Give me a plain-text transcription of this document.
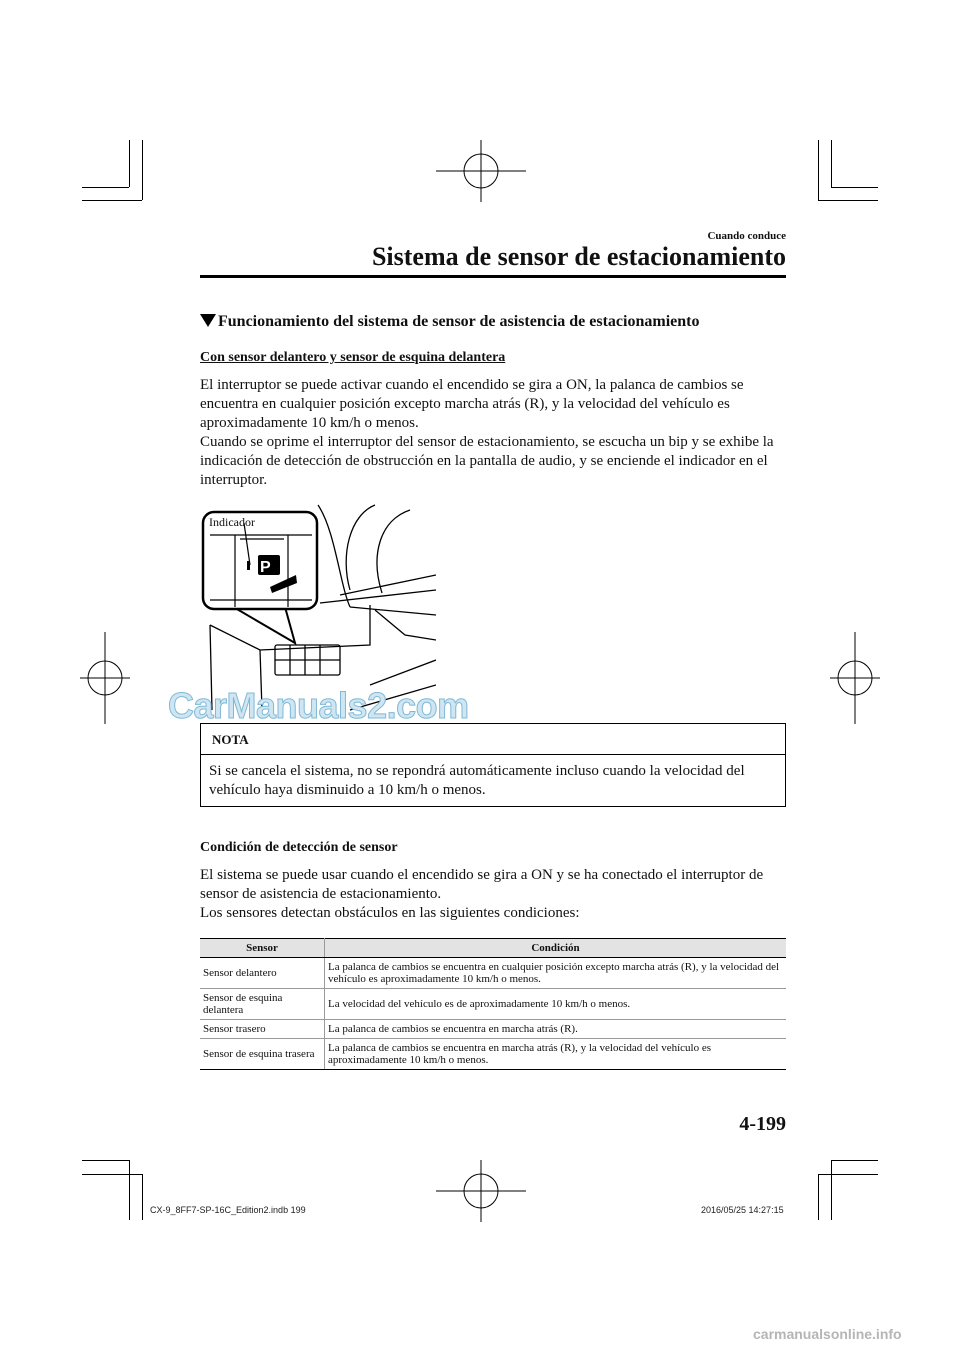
Cuando conduce
Sistema de sensor de estacionamiento
Funcionamiento del sistema de sensor de asistencia de estacionamiento
Con sensor delantero y sensor de esquina delantera

El interruptor se puede activar cuando el encendido se gira a ON, la palanca de cambios se encuentra en cualquier posición excepto marcha atrás (R), y la velocidad del vehículo es aproximadamente 10 km/h o menos.

Cuando se oprime el interruptor del sensor de estacionamiento, se escucha un bip y se exhibe la indicación de detección de obstrucción en la pantalla de audio, y se enciende el indicador en el interruptor.

P
Indicador
CarManuals2.com
NOTA
Si se cancela el sistema, no se repondrá automáticamente incluso cuando la velocidad del vehículo haya disminuido a 10 km/h o menos.
Condición de detección de sensor

El sistema se puede usar cuando el encendido se gira a ON y se ha conectado el interruptor de sensor de asistencia de estacionamiento.

Los sensores detectan obstáculos en las siguientes condiciones:

Sensor	Condición
Sensor delantero	La palanca de cambios se encuentra en cualquier posición excepto marcha atrás (R), y la velocidad del vehículo es aproximadamente 10 km/h o menos.
Sensor de esquina delantera	La velocidad del vehículo es de aproximadamente 10 km/h o menos.
Sensor trasero	La palanca de cambios se encuentra en marcha atrás (R).
Sensor de esquina trasera	La palanca de cambios se encuentra en marcha atrás (R), y la velocidad del vehículo es aproximadamente 10 km/h o menos.
4-199
CX-9_8FF7-SP-16C_Edition2.indb 199	2016/05/25 14:27:15
carmanualsonline.info
